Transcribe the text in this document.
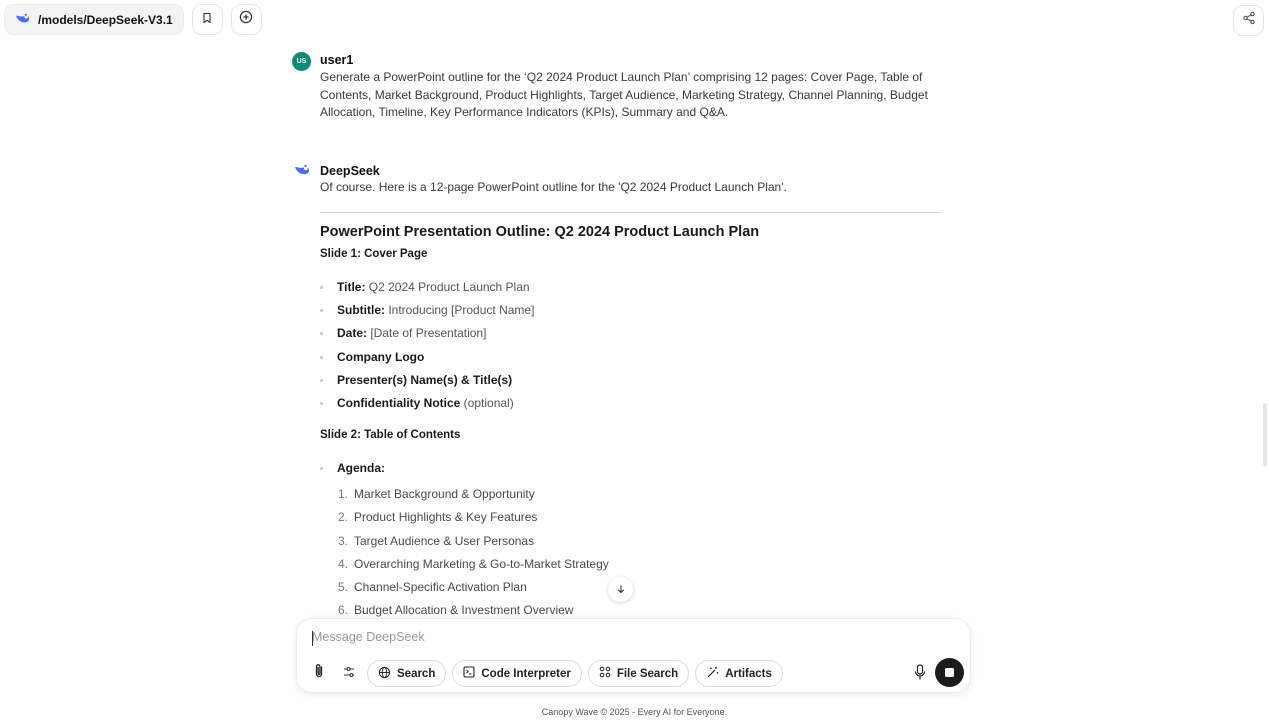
/models/DeepSeek-V3.1
US	user1
Generate a PowerPoint outline for the ‘Q2 2024 Product Launch Plan’ comprising 12 pages: Cover Page, Table of Contents, Market Background, Product Highlights, Target Audience, Marketing Strategy, Channel Planning, Budget Allocation, Timeline, Key Performance Indicators (KPIs), Summary and Q&A.
DeepSeek
Of course. Here is a 12-page PowerPoint outline for the 'Q2 2024 Product Launch Plan'.
PowerPoint Presentation Outline: Q2 2024 Product Launch Plan
Slide 1: Cover Page
Title: Q2 2024 Product Launch Plan
Subtitle: Introducing [Product Name]
Date: [Date of Presentation]
Company Logo
Presenter(s) Name(s) & Title(s)
Confidentiality Notice (optional)
Slide 2: Table of Contents
Agenda:
1. Market Background & Opportunity
2. Product Highlights & Key Features
3. Target Audience & User Personas
4. Overarching Marketing & Go-to-Market Strategy
5. Channel-Specific Activation Plan
6. Budget Allocation & Investment Overview
Message DeepSeek
Search	Code Interpreter	File Search	Artifacts
Canopy Wave © 2025 - Every AI for Everyone.
